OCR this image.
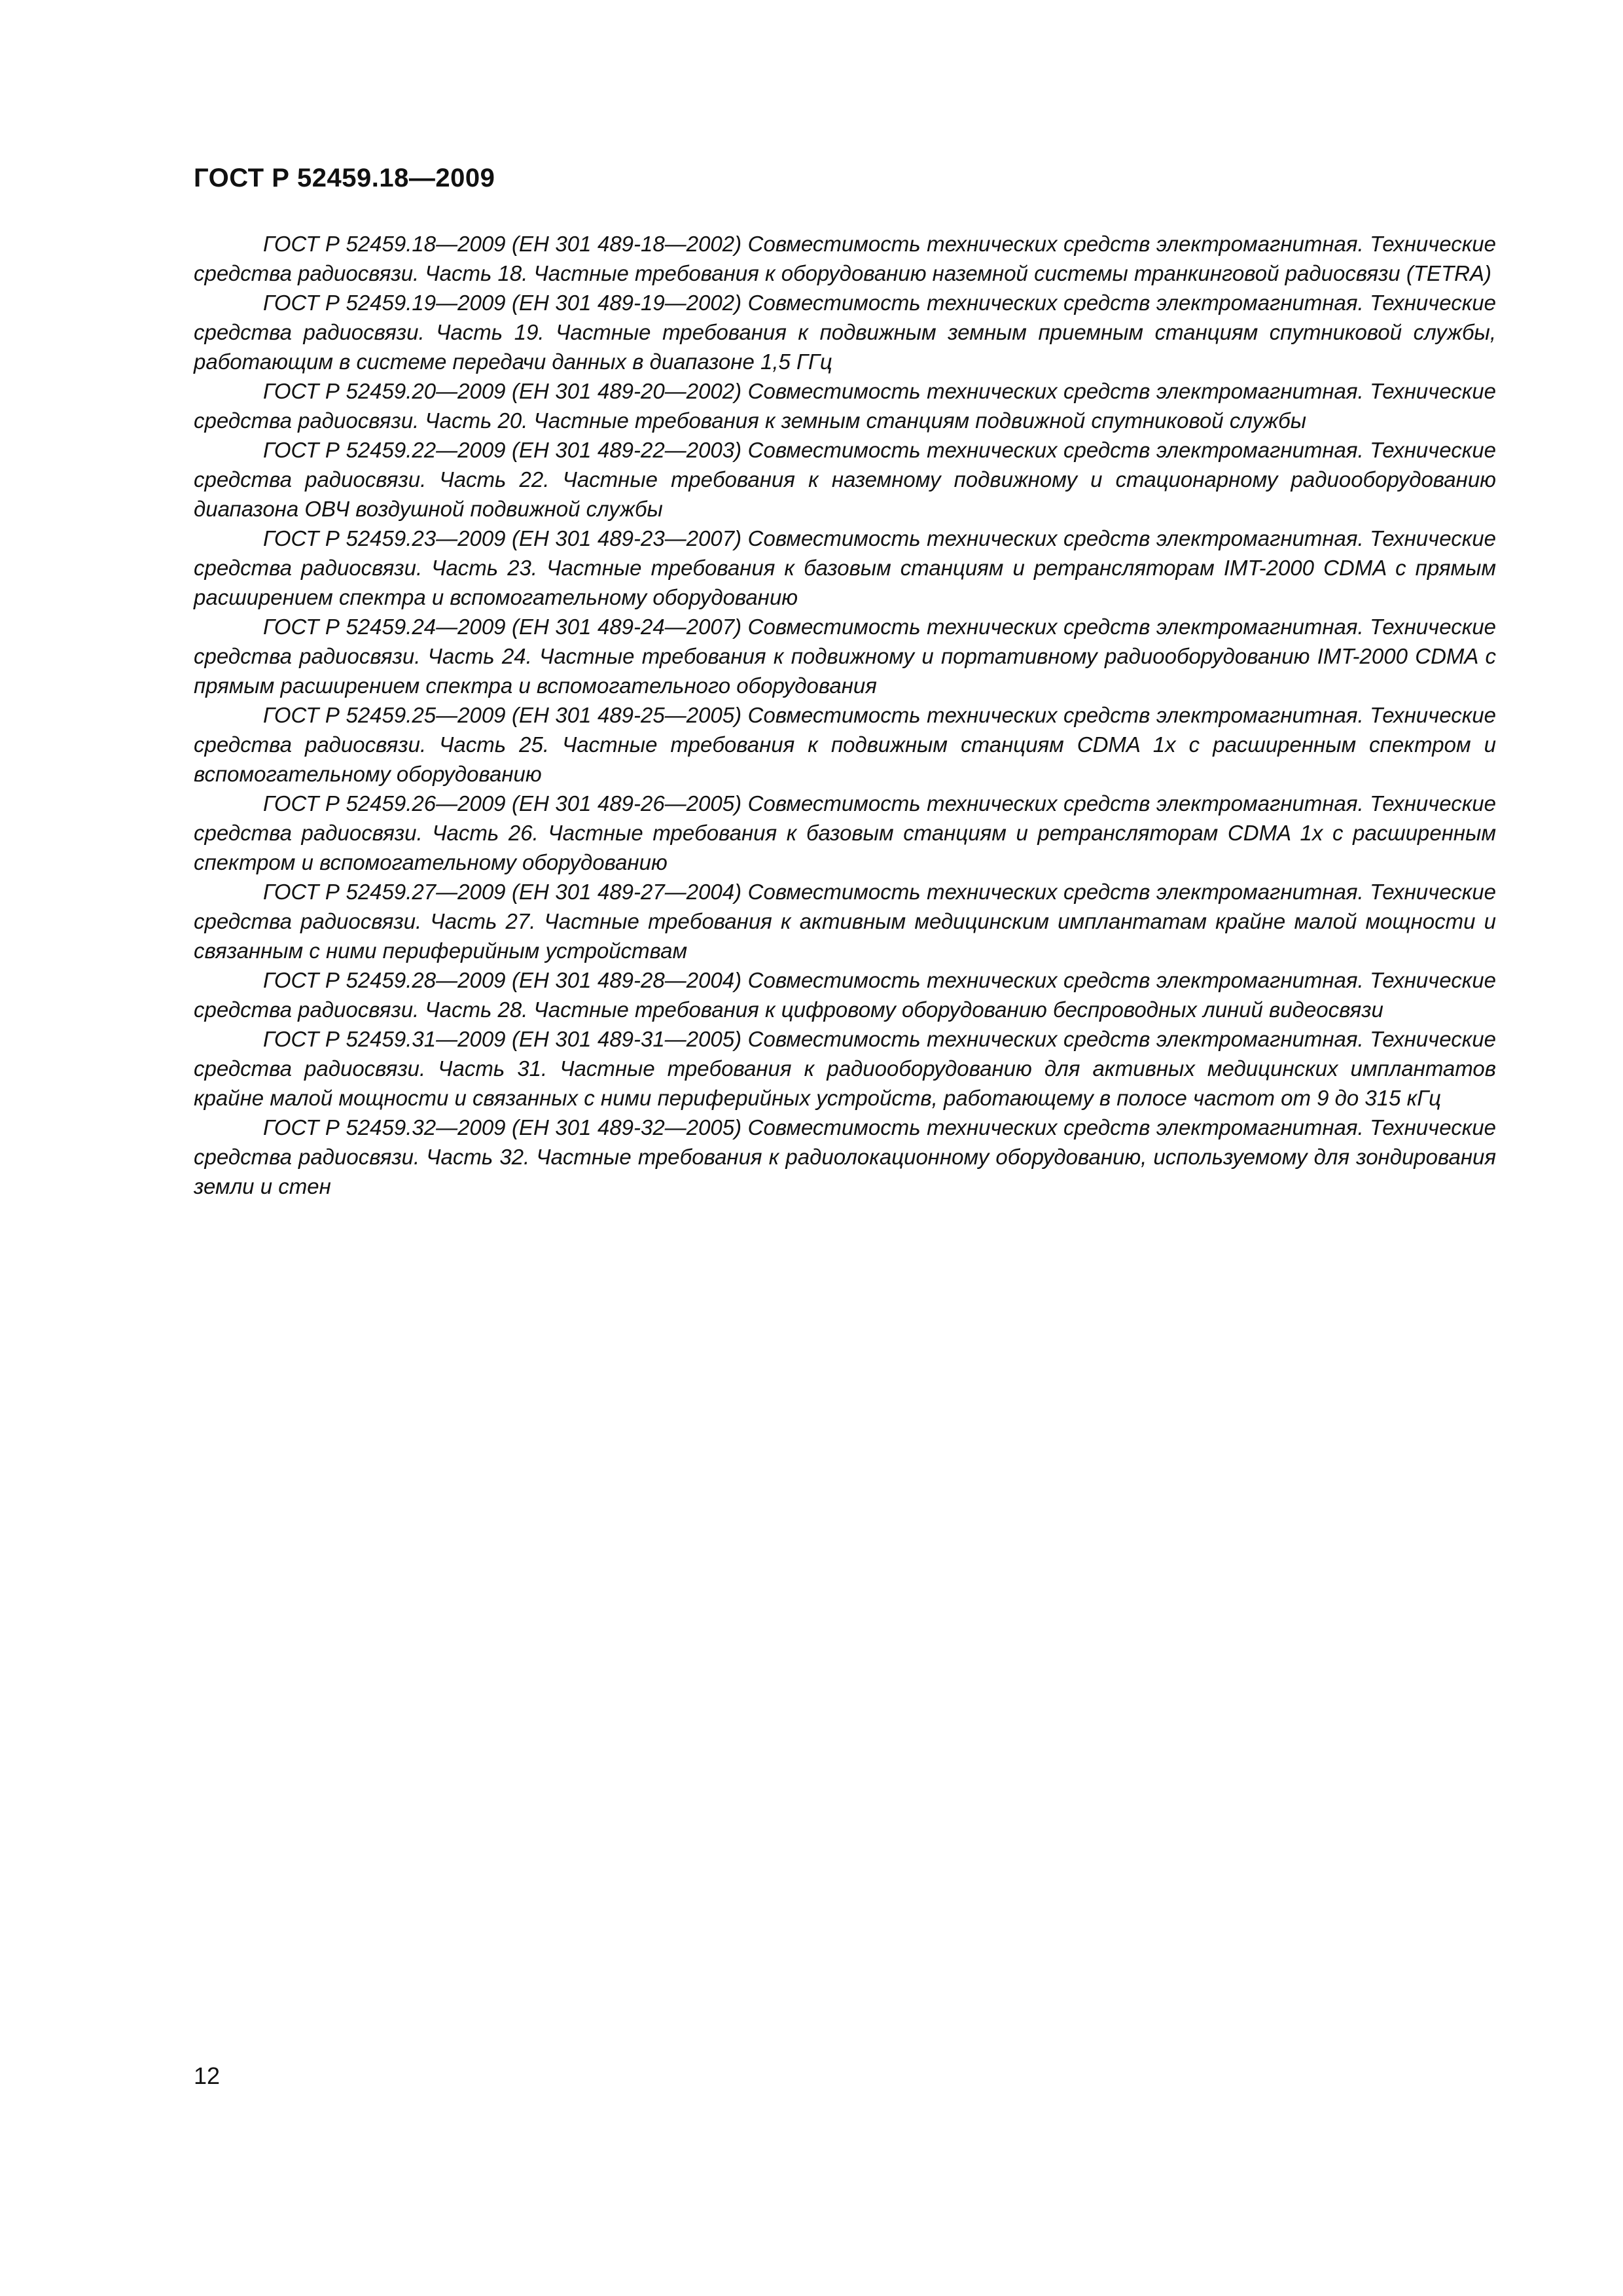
ГОСТ Р 52459.18—2009

ГОСТ Р 52459.18—2009 (ЕН 301 489-18—2002) Совместимость технических средств электромагнитная. Технические средства радиосвязи. Часть 18. Частные требования к оборудованию наземной системы транкинговой радиосвязи (TETRA)

ГОСТ Р 52459.19—2009 (ЕН 301 489-19—2002) Совместимость технических средств электромагнитная. Технические средства радиосвязи. Часть 19. Частные требования к подвижным земным приемным станциям спутниковой службы, работающим в системе передачи данных в диапазоне 1,5 ГГц

ГОСТ Р 52459.20—2009 (ЕН 301 489-20—2002) Совместимость технических средств электромагнитная. Технические средства радиосвязи. Часть 20. Частные требования к земным станциям подвижной спутниковой службы

ГОСТ Р 52459.22—2009 (ЕН 301 489-22—2003) Совместимость технических средств электромагнитная. Технические средства радиосвязи. Часть 22. Частные требования к наземному подвижному и стационарному радиооборудованию диапазона ОВЧ воздушной подвижной службы

ГОСТ Р 52459.23—2009 (ЕН 301 489-23—2007) Совместимость технических средств электромагнитная. Технические средства радиосвязи. Часть 23. Частные требования к базовым станциям и ретрансляторам IMT-2000 CDMA с прямым расширением спектра и вспомогательному оборудованию

ГОСТ Р 52459.24—2009 (ЕН 301 489-24—2007) Совместимость технических средств электромагнитная. Технические средства радиосвязи. Часть 24. Частные требования к подвижному и портативному радиооборудованию IMT-2000 CDMA с прямым расширением спектра и вспомогательного оборудования

ГОСТ Р 52459.25—2009 (ЕН 301 489-25—2005) Совместимость технических средств электромагнитная. Технические средства радиосвязи. Часть 25. Частные требования к подвижным станциям CDMA 1x с расширенным спектром и вспомогательному оборудованию

ГОСТ Р 52459.26—2009 (ЕН 301 489-26—2005) Совместимость технических средств электромагнитная. Технические средства радиосвязи. Часть 26. Частные требования к базовым станциям и ретрансляторам CDMA 1x с расширенным спектром и вспомогательному оборудованию

ГОСТ Р 52459.27—2009 (ЕН 301 489-27—2004) Совместимость технических средств электромагнитная. Технические средства радиосвязи. Часть 27. Частные требования к активным медицинским имплантатам крайне малой мощности и связанным с ними периферийным устройствам

ГОСТ Р 52459.28—2009 (ЕН 301 489-28—2004) Совместимость технических средств электромагнитная. Технические средства радиосвязи. Часть 28. Частные требования к цифровому оборудованию беспроводных линий видеосвязи

ГОСТ Р 52459.31—2009 (ЕН 301 489-31—2005) Совместимость технических средств электромагнитная. Технические средства радиосвязи. Часть 31. Частные требования к радиооборудованию для активных медицинских имплантатов крайне малой мощности и связанных с ними периферийных устройств, работающему в полосе частот от 9 до 315 кГц

ГОСТ Р 52459.32—2009 (ЕН 301 489-32—2005) Совместимость технических средств электромагнитная. Технические средства радиосвязи. Часть 32. Частные требования к радиолокационному оборудованию, используемому для зондирования земли и стен

12
